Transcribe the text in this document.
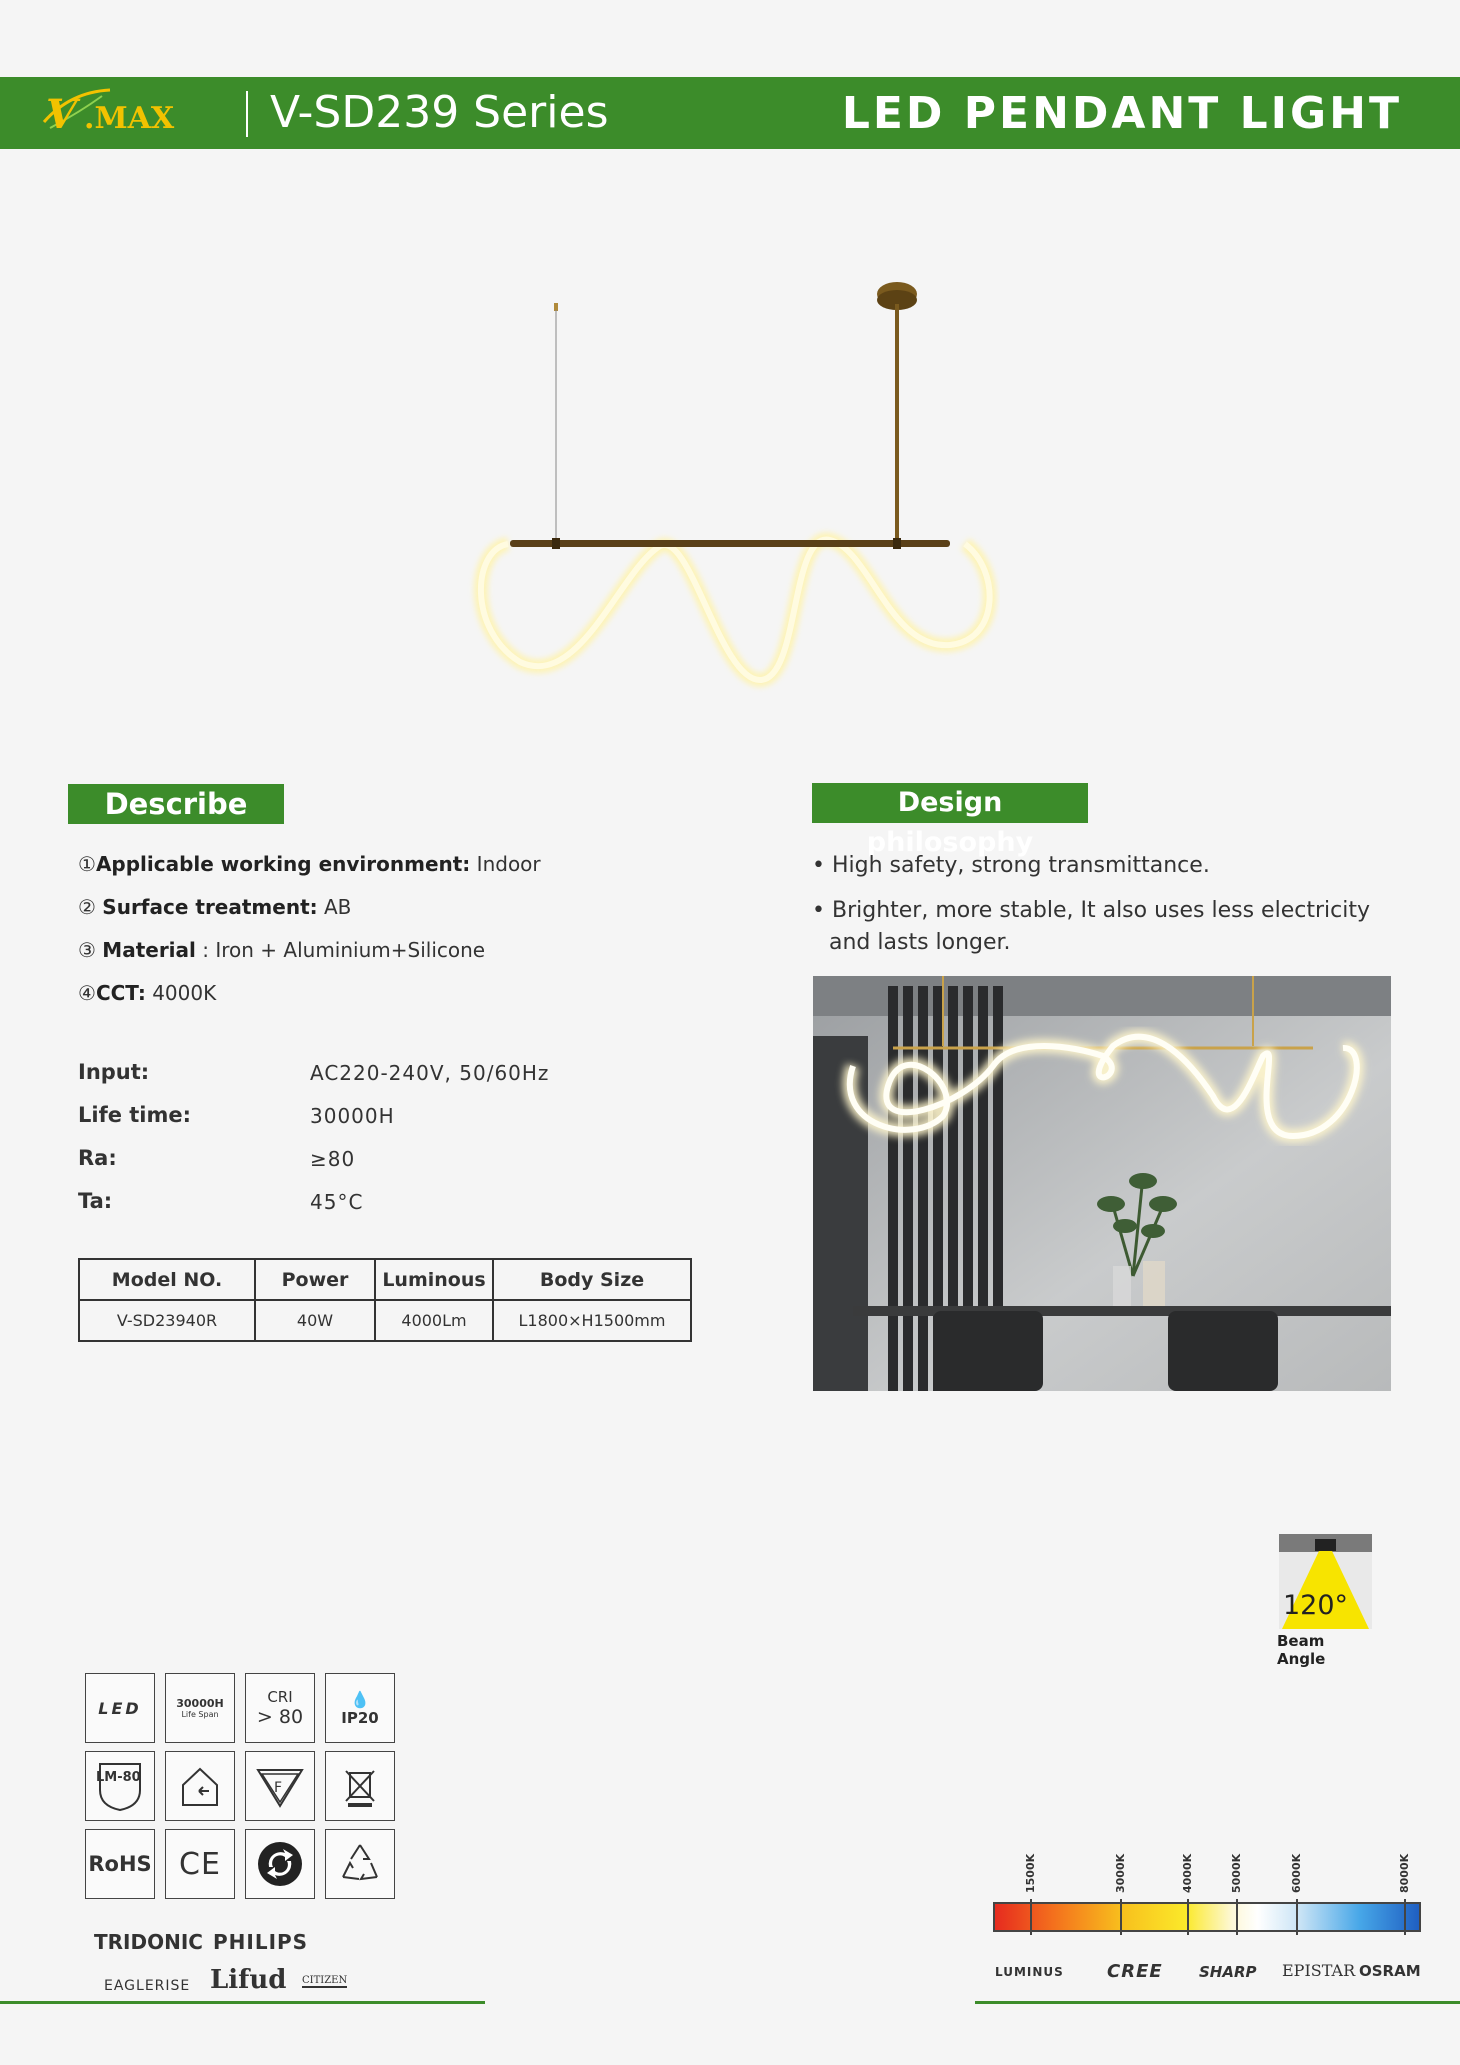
V .MAX V-SD239 Series	LED PENDANT LIGHT
Describe
①Applicable working environment: Indoor
② Surface treatment: AB
③ Material : Iron + Aluminium+Silicone
④CCT: 4000K
Input:	AC220-240V, 50/60Hz
Life time:	30000H
Ra:	≥80
Ta:	45°C
Model NO.	Power	Luminous	Body Size
V-SD23940R	40W	4000Lm	L1800×H1500mm
Design philosophy
• High safety, strong transmittance.
• Brighter, more stable, It also uses less electricity
and lasts longer.
120°
Beam Angle
LED	30000H
Life Span
CRI
> 80
💧
IP20
LM-80
F
RoHS CE
TRIDONIC PHILIPS
EAGLERISE Lifud CITIZEN
1500K	3000K	4000K	5000K	6000K	8000K
LUMINUS CREE SHARP EPISTAR OSRAM
